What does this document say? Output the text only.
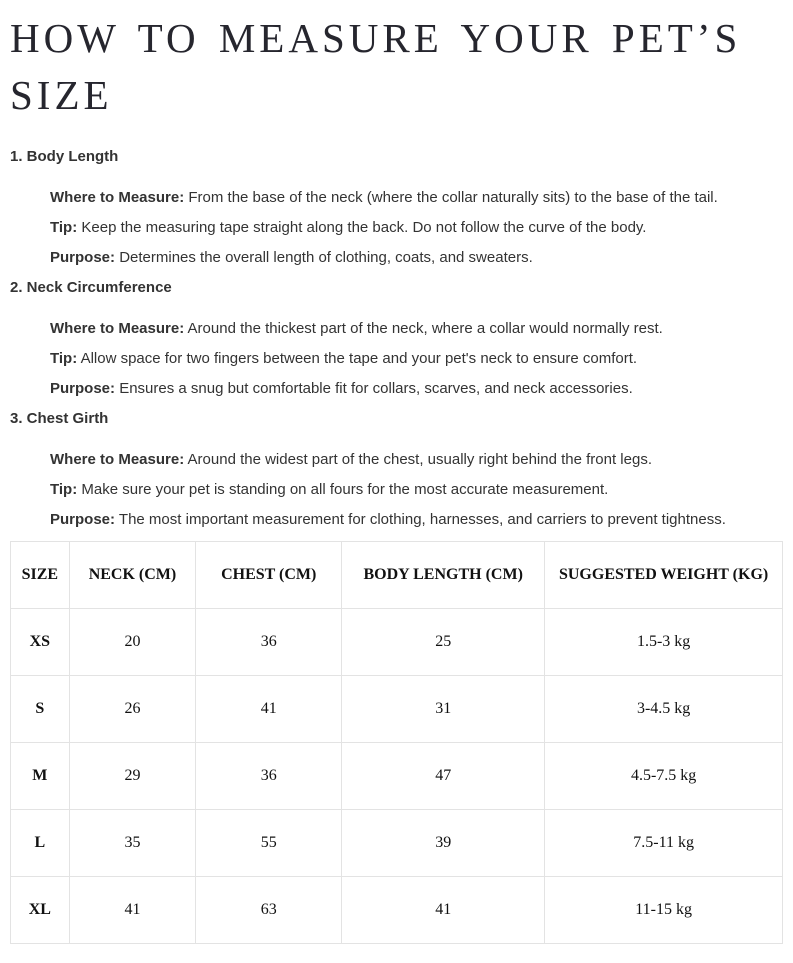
HOW TO MEASURE YOUR PET’S SIZE
1. Body Length

Where to Measure: From the base of the neck (where the collar naturally sits) to the base of the tail.

Tip: Keep the measuring tape straight along the back. Do not follow the curve of the body.

Purpose: Determines the overall length of clothing, coats, and sweaters.

2. Neck Circumference

Where to Measure: Around the thickest part of the neck, where a collar would normally rest.

Tip: Allow space for two fingers between the tape and your pet's neck to ensure comfort.

Purpose: Ensures a snug but comfortable fit for collars, scarves, and neck accessories.

3. Chest Girth

Where to Measure: Around the widest part of the chest, usually right behind the front legs.

Tip: Make sure your pet is standing on all fours for the most accurate measurement.

Purpose: The most important measurement for clothing, harnesses, and carriers to prevent tightness.

SIZE	NECK (CM)	CHEST (CM)	BODY LENGTH (CM)	SUGGESTED WEIGHT (KG)
XS	20	36	25	1.5-3 kg
S	26	41	31	3-4.5 kg
M	29	36	47	4.5-7.5 kg
L	35	55	39	7.5-11 kg
XL	41	63	41	11-15 kg
